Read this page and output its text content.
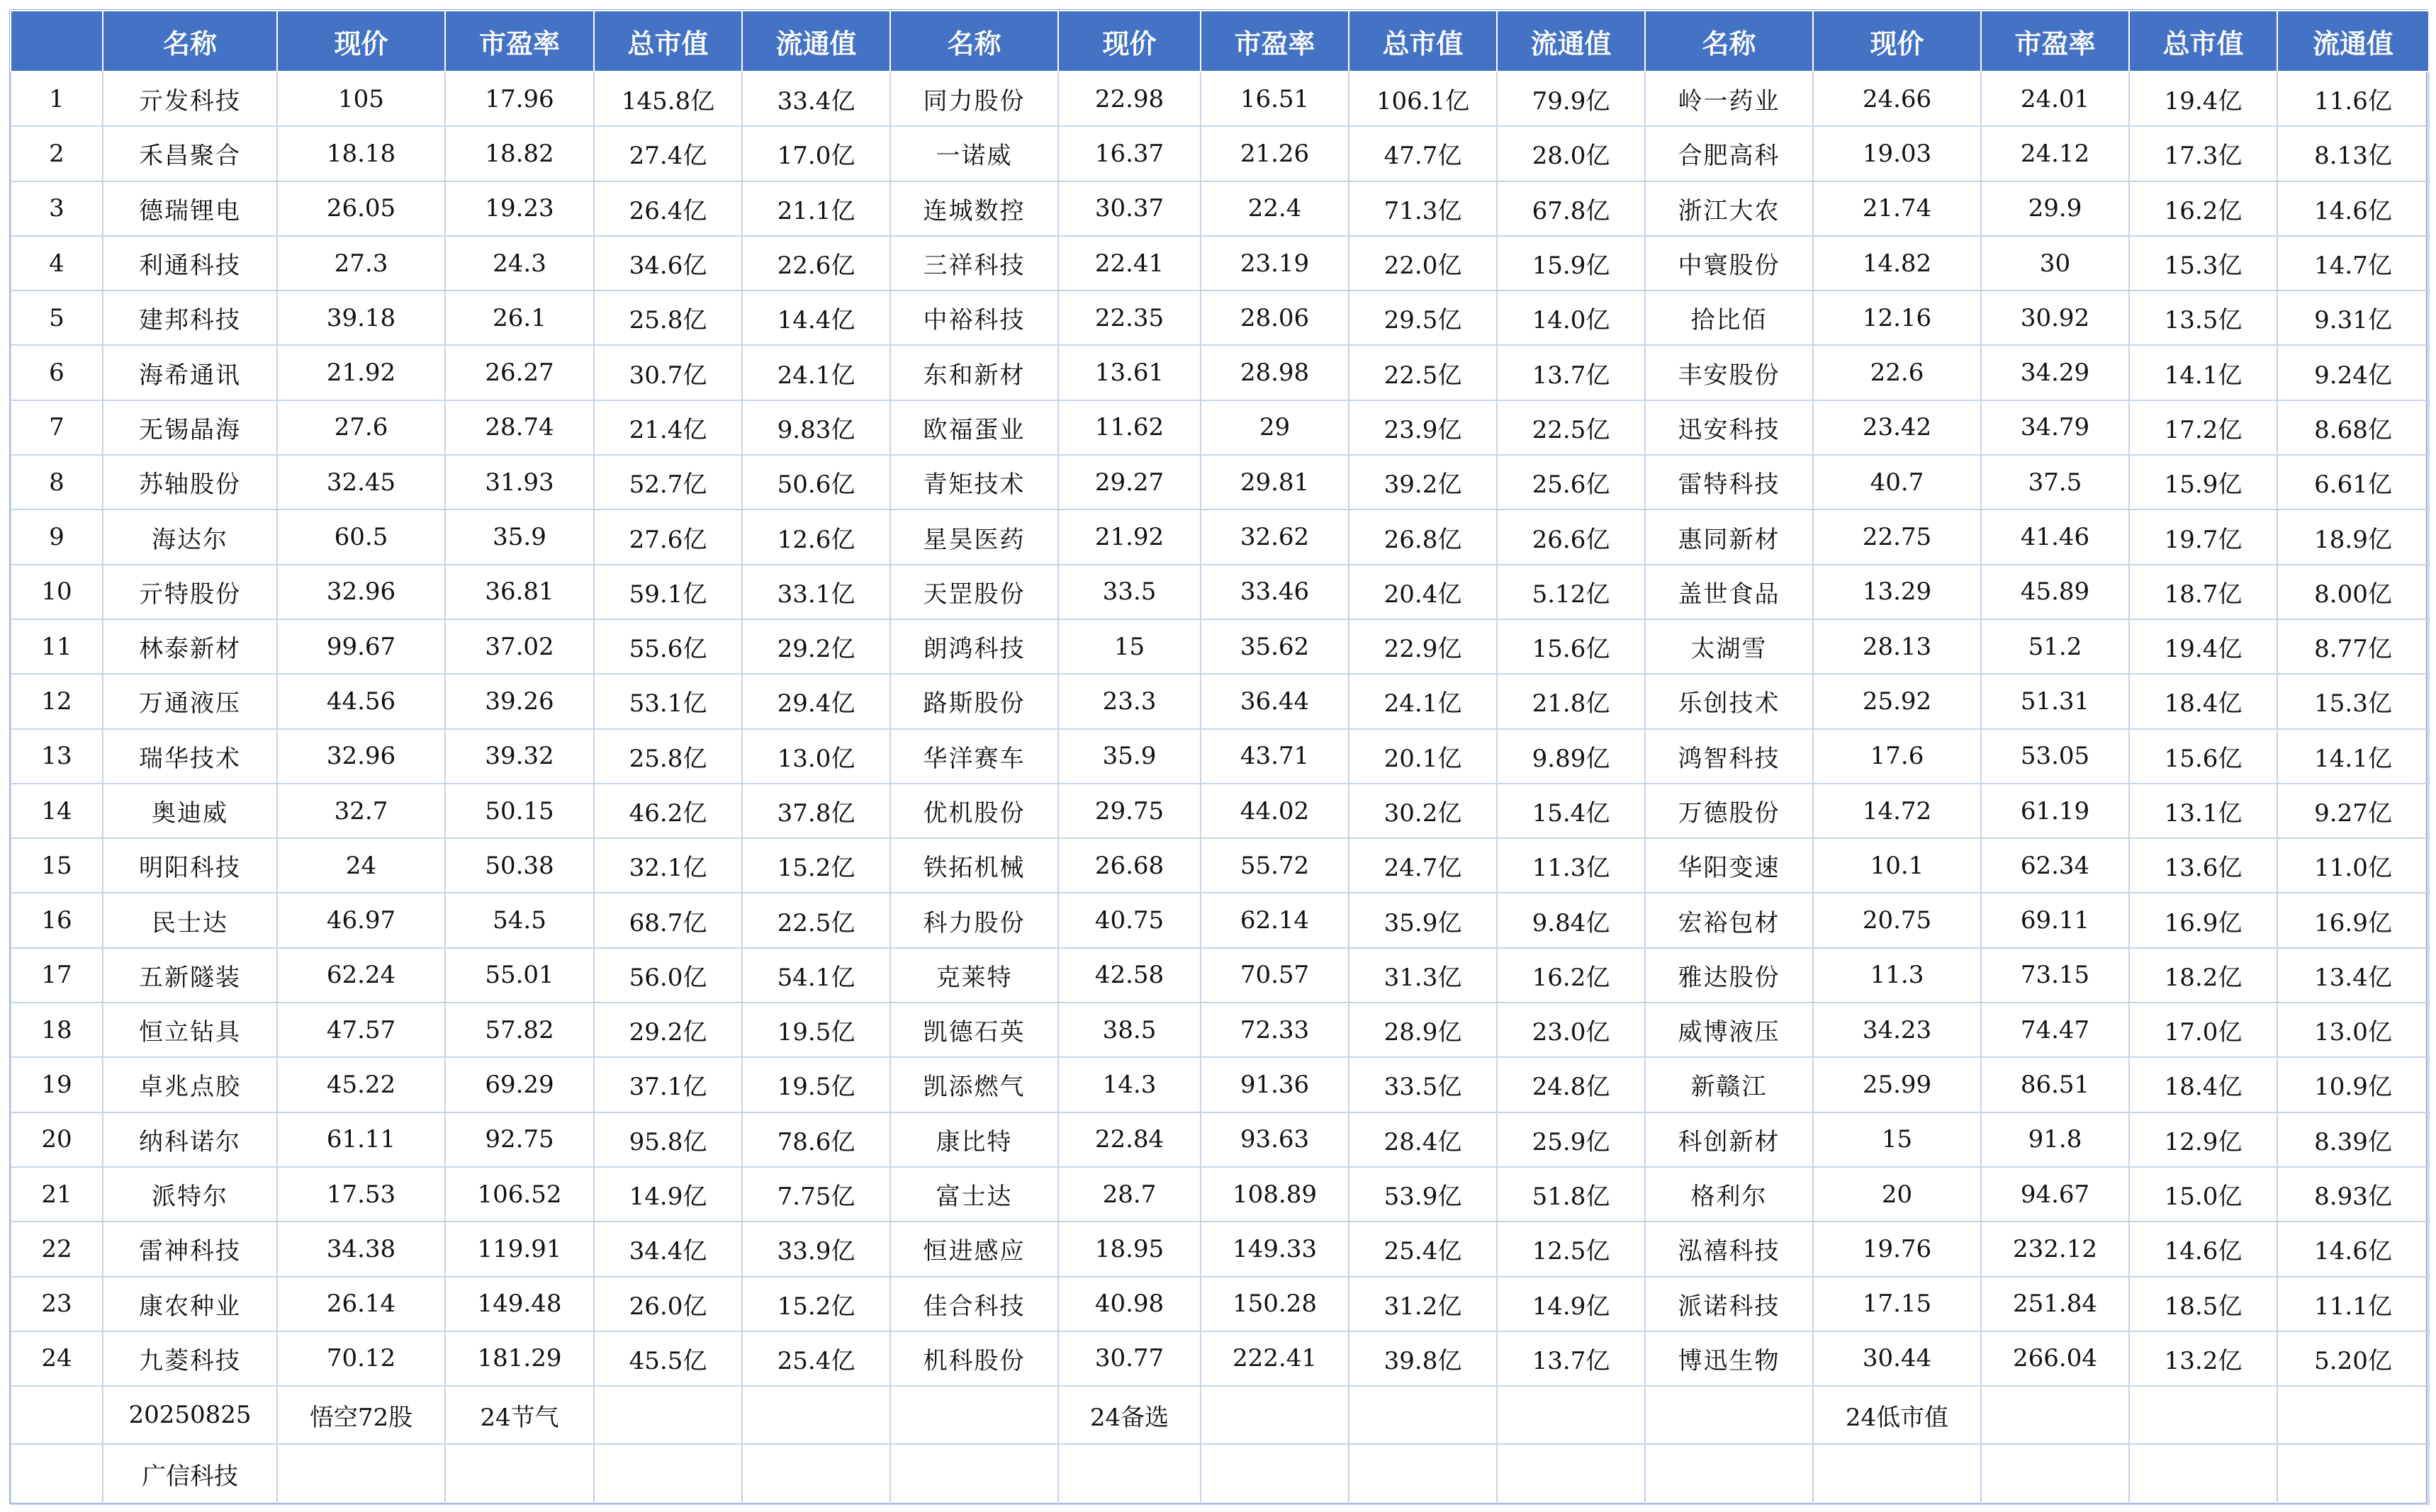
	名称	现价	市盈率	总市值	流通值	名称	现价	市盈率	总市值	流通值	名称	现价	市盈率	总市值	流通值
1	亓发科技	105	17.96	145.8亿	33.4亿	同力股份	22.98	16.51	106.1亿	79.9亿	岭一药业	24.66	24.01	19.4亿	11.6亿
2	禾昌聚合	18.18	18.82	27.4亿	17.0亿	一诺威	16.37	21.26	47.7亿	28.0亿	合肥高科	19.03	24.12	17.3亿	8.13亿
3	德瑞锂电	26.05	19.23	26.4亿	21.1亿	连城数控	30.37	22.4	71.3亿	67.8亿	浙江大农	21.74	29.9	16.2亿	14.6亿
4	利通科技	27.3	24.3	34.6亿	22.6亿	三祥科技	22.41	23.19	22.0亿	15.9亿	中寰股份	14.82	30	15.3亿	14.7亿
5	建邦科技	39.18	26.1	25.8亿	14.4亿	中裕科技	22.35	28.06	29.5亿	14.0亿	拾比佰	12.16	30.92	13.5亿	9.31亿
6	海希通讯	21.92	26.27	30.7亿	24.1亿	东和新材	13.61	28.98	22.5亿	13.7亿	丰安股份	22.6	34.29	14.1亿	9.24亿
7	无锡晶海	27.6	28.74	21.4亿	9.83亿	欧福蛋业	11.62	29	23.9亿	22.5亿	迅安科技	23.42	34.79	17.2亿	8.68亿
8	苏轴股份	32.45	31.93	52.7亿	50.6亿	青矩技术	29.27	29.81	39.2亿	25.6亿	雷特科技	40.7	37.5	15.9亿	6.61亿
9	海达尔	60.5	35.9	27.6亿	12.6亿	星昊医药	21.92	32.62	26.8亿	26.6亿	惠同新材	22.75	41.46	19.7亿	18.9亿
10	亓特股份	32.96	36.81	59.1亿	33.1亿	天罡股份	33.5	33.46	20.4亿	5.12亿	盖世食品	13.29	45.89	18.7亿	8.00亿
11	林泰新材	99.67	37.02	55.6亿	29.2亿	朗鸿科技	15	35.62	22.9亿	15.6亿	太湖雪	28.13	51.2	19.4亿	8.77亿
12	万通液压	44.56	39.26	53.1亿	29.4亿	路斯股份	23.3	36.44	24.1亿	21.8亿	乐创技术	25.92	51.31	18.4亿	15.3亿
13	瑞华技术	32.96	39.32	25.8亿	13.0亿	华洋赛车	35.9	43.71	20.1亿	9.89亿	鸿智科技	17.6	53.05	15.6亿	14.1亿
14	奥迪威	32.7	50.15	46.2亿	37.8亿	优机股份	29.75	44.02	30.2亿	15.4亿	万德股份	14.72	61.19	13.1亿	9.27亿
15	明阳科技	24	50.38	32.1亿	15.2亿	铁拓机械	26.68	55.72	24.7亿	11.3亿	华阳变速	10.1	62.34	13.6亿	11.0亿
16	民士达	46.97	54.5	68.7亿	22.5亿	科力股份	40.75	62.14	35.9亿	9.84亿	宏裕包材	20.75	69.11	16.9亿	16.9亿
17	五新隧装	62.24	55.01	56.0亿	54.1亿	克莱特	42.58	70.57	31.3亿	16.2亿	雅达股份	11.3	73.15	18.2亿	13.4亿
18	恒立钻具	47.57	57.82	29.2亿	19.5亿	凯德石英	38.5	72.33	28.9亿	23.0亿	威博液压	34.23	74.47	17.0亿	13.0亿
19	卓兆点胶	45.22	69.29	37.1亿	19.5亿	凯添燃气	14.3	91.36	33.5亿	24.8亿	新赣江	25.99	86.51	18.4亿	10.9亿
20	纳科诺尔	61.11	92.75	95.8亿	78.6亿	康比特	22.84	93.63	28.4亿	25.9亿	科创新材	15	91.8	12.9亿	8.39亿
21	派特尔	17.53	106.52	14.9亿	7.75亿	富士达	28.7	108.89	53.9亿	51.8亿	格利尔	20	94.67	15.0亿	8.93亿
22	雷神科技	34.38	119.91	34.4亿	33.9亿	恒进感应	18.95	149.33	25.4亿	12.5亿	泓禧科技	19.76	232.12	14.6亿	14.6亿
23	康农种业	26.14	149.48	26.0亿	15.2亿	佳合科技	40.98	150.28	31.2亿	14.9亿	派诺科技	17.15	251.84	18.5亿	11.1亿
24	九菱科技	70.12	181.29	45.5亿	25.4亿	机科股份	30.77	222.41	39.8亿	13.7亿	博迅生物	30.44	266.04	13.2亿	5.20亿
	20250825	悟空72股	24节气				24备选					24低市值			
	广信科技														
